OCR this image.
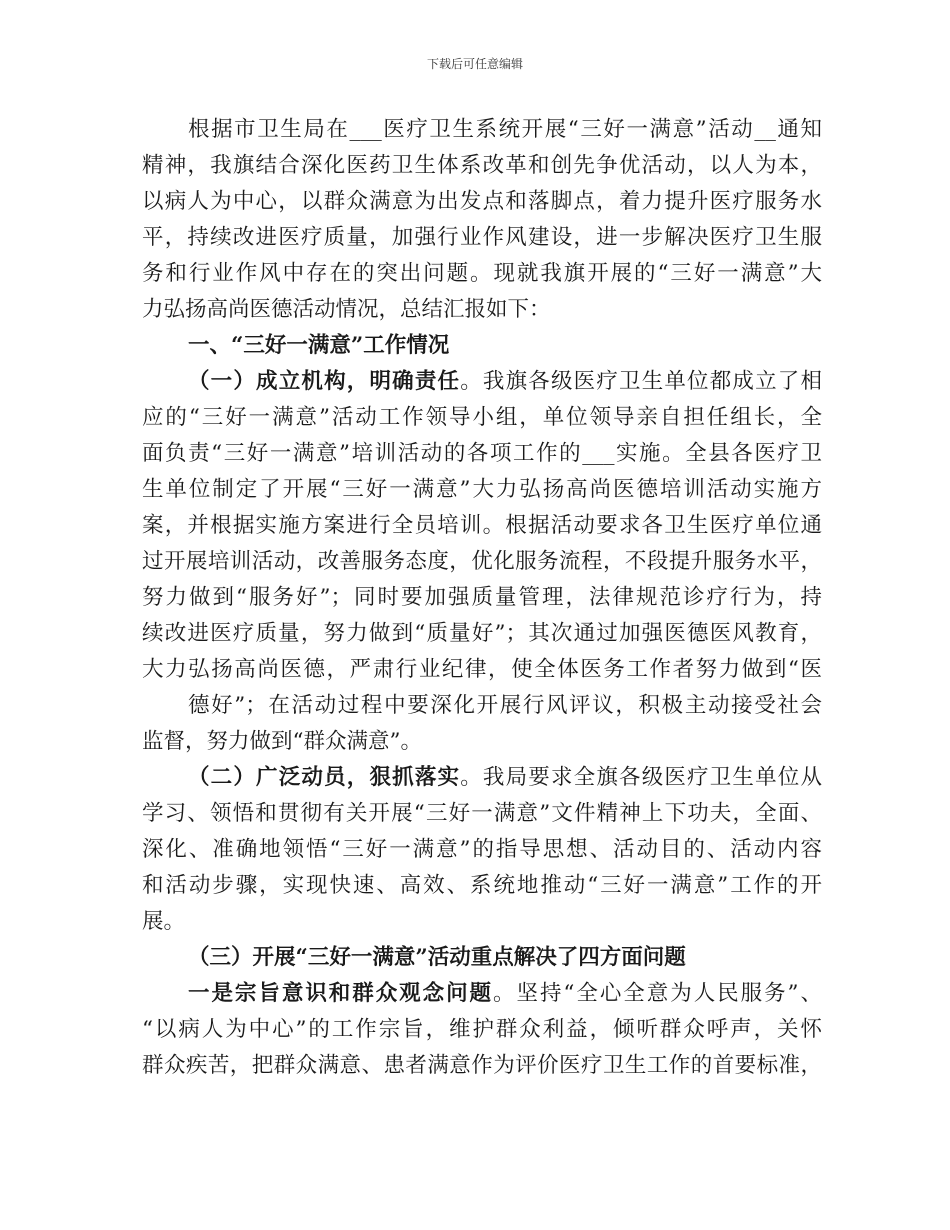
下载后可任意编辑
根据市卫生局在___医疗卫生系统开展“三好一满意”活动__通知
精神，我旗结合深化医药卫生体系改革和创先争优活动，以人为本，
以病人为中心，以群众满意为出发点和落脚点，着力提升医疗服务水
平，持续改进医疗质量，加强行业作风建设，进一步解决医疗卫生服
务和行业作风中存在的突出问题。现就我旗开展的“三好一满意”大
力弘扬高尚医德活动情况，总结汇报如下：
一、“三好一满意”工作情况
（一）成立机构，明确责任。我旗各级医疗卫生单位都成立了相
应的“三好一满意”活动工作领导小组，单位领导亲自担任组长，全
面负责“三好一满意”培训活动的各项工作的___实施。全县各医疗卫
生单位制定了开展“三好一满意”大力弘扬高尚医德培训活动实施方
案，并根据实施方案进行全员培训。根据活动要求各卫生医疗单位通
过开展培训活动，改善服务态度，优化服务流程，不段提升服务水平，
努力做到“服务好”；同时要加强质量管理，法律规范诊疗行为，持
续改进医疗质量，努力做到“质量好”；其次通过加强医德医风教育，
大力弘扬高尚医德，严肃行业纪律，使全体医务工作者努力做到“医
德好”；在活动过程中要深化开展行风评议，积极主动接受社会
监督，努力做到“群众满意”。
（二）广泛动员，狠抓落实。我局要求全旗各级医疗卫生单位从
学习、领悟和贯彻有关开展“三好一满意”文件精神上下功夫，全面、
深化、准确地领悟“三好一满意”的指导思想、活动目的、活动内容
和活动步骤，实现快速、高效、系统地推动“三好一满意”工作的开
展。
（三）开展“三好一满意”活动重点解决了四方面问题
一是宗旨意识和群众观念问题。坚持“全心全意为人民服务”、
“以病人为中心”的工作宗旨，维护群众利益，倾听群众呼声，关怀
群众疾苦，把群众满意、患者满意作为评价医疗卫生工作的首要标准，
